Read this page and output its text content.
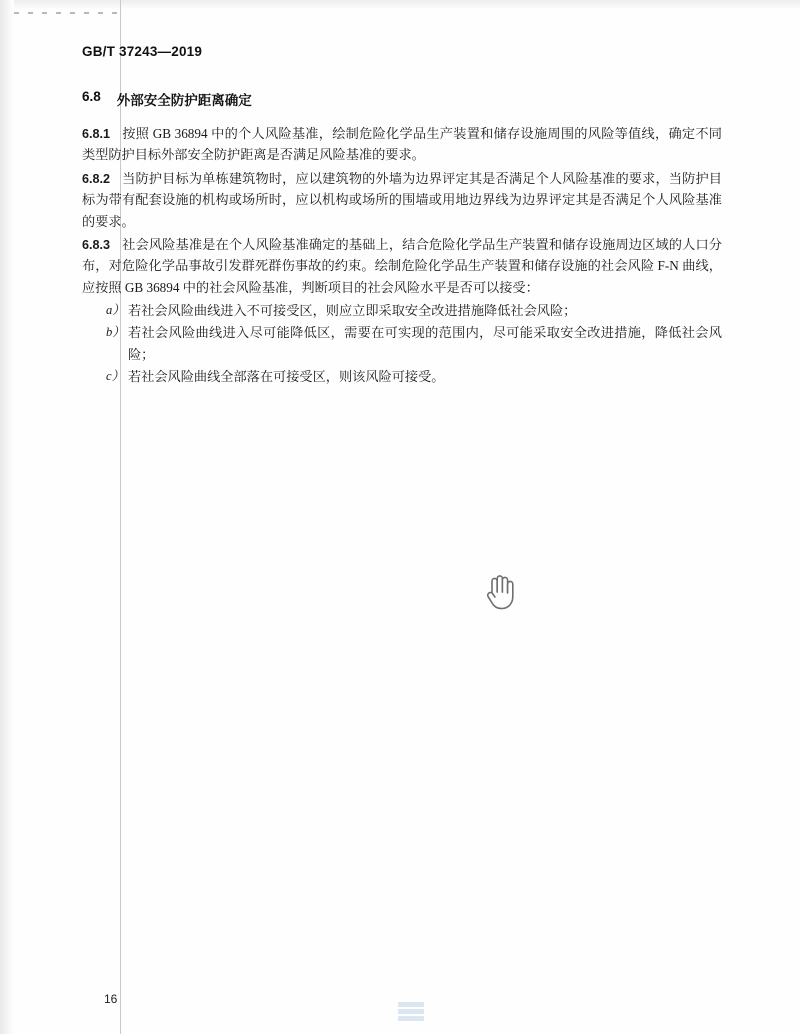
GB/T 37243—2019
6.8 外部安全防护距离确定

6.8.1 按照 GB 36894 中的个人风险基准，绘制危险化学品生产装置和储存设施周围的风险等值线，确定不同类型防护目标外部安全防护距离是否满足风险基准的要求。

6.8.2 当防护目标为单栋建筑物时，应以建筑物的外墙为边界评定其是否满足个人风险基准的要求，当防护目标为带有配套设施的机构或场所时，应以机构或场所的围墙或用地边界线为边界评定其是否满足个人风险基准的要求。

6.8.3 社会风险基准是在个人风险基准确定的基础上，结合危险化学品生产装置和储存设施周边区域的人口分布，对危险化学品事故引发群死群伤事故的约束。绘制危险化学品生产装置和储存设施的社会风险 F-N 曲线，应按照 GB 36894 中的社会风险基准，判断项目的社会风险水平是否可以接受：

a） 若社会风险曲线进入不可接受区，则应立即采取安全改进措施降低社会风险；
b） 若社会风险曲线进入尽可能降低区，需要在可实现的范围内，尽可能采取安全改进措施，降低社会风险；
c） 若社会风险曲线全部落在可接受区，则该风险可接受。
16
